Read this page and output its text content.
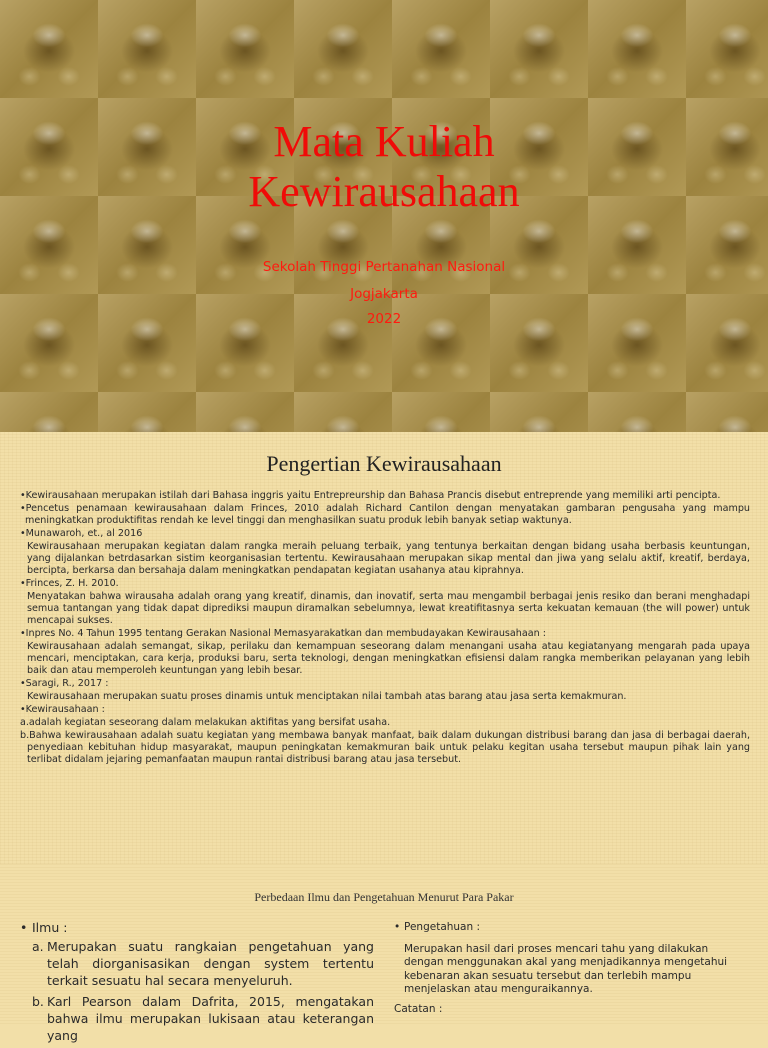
Mata Kuliah
Kewirausahaan
Sekolah Tinggi Pertanahan Nasional
Jogjakarta
2022
Pengertian Kewirausahaan

•Kewirausahaan merupakan istilah dari Bahasa inggris yaitu Entrepreurship dan Bahasa Prancis disebut entreprende yang memiliki arti pencipta.

•Pencetus penamaan kewirausahaan dalam Frinces, 2010 adalah Richard Cantilon dengan menyatakan gambaran pengusaha yang mampu meningkatkan produktifitas rendah ke level tinggi dan menghasilkan suatu produk lebih banyak setiap waktunya.

•Munawaroh, et., al 2016

Kewirausahaan merupakan kegiatan dalam rangka meraih peluang terbaik, yang tentunya berkaitan dengan bidang usaha berbasis keuntungan, yang dijalankan betrdasarkan sistim keorganisasian tertentu. Kewirausahaan merupakan sikap mental dan jiwa yang selalu aktif, kreatif, berdaya, bercipta, berkarsa dan bersahaja dalam meningkatkan pendapatan kegiatan usahanya atau kiprahnya.

•Frinces, Z. H. 2010.

Menyatakan bahwa wirausaha adalah orang yang kreatif, dinamis, dan inovatif, serta mau mengambil berbagai jenis resiko dan berani menghadapi semua tantangan yang tidak dapat diprediksi maupun diramalkan sebelumnya, lewat kreatifitasnya serta kekuatan kemauan (the will power) untuk mencapai sukses.

•Inpres No. 4 Tahun 1995 tentang Gerakan Nasional Memasyarakatkan dan membudayakan Kewirausahaan :

Kewirausahaan adalah semangat, sikap, perilaku dan kemampuan seseorang dalam menangani usaha atau kegiatanyang mengarah pada upaya mencari, menciptakan, cara kerja, produksi baru, serta teknologi, dengan meningkatkan efisiensi dalam rangka memberikan pelayanan yang lebih baik dan atau memperoleh keuntungan yang lebih besar.

•Saragi, R., 2017 :

Kewirausahaan merupakan suatu proses dinamis untuk menciptakan nilai tambah atas barang atau jasa serta kemakmuran.

•Kewirausahaan :

a.adalah kegiatan seseorang dalam melakukan aktifitas yang bersifat usaha.

b.Bahwa kewirausahaan adalah suatu kegiatan yang membawa banyak manfaat, baik dalam dukungan distribusi barang dan jasa di berbagai daerah, penyediaan kebituhan hidup masyarakat, maupun peningkatan kemakmuran baik untuk pelaku kegitan usaha tersebut maupun pihak lain yang terlibat didalam jejaring pemanfaatan maupun rantai distribusi barang atau jasa tersebut.

Perbedaan Ilmu dan Pengetahuan Menurut Para Pakar
• Ilmu :
a. Merupakan suatu rangkaian pengetahuan yang telah diorganisasikan dengan system tertentu terkait sesuatu hal secara menyeluruh.
b. Karl Pearson dalam Dafrita, 2015, mengatakan bahwa ilmu merupakan lukisaan atau keterangan yang
• Pengetahuan :
Merupakan hasil dari proses mencari tahu yang dilakukan dengan menggunakan akal yang menjadikannya mengetahui kebenaran akan sesuatu tersebut dan terlebih mampu menjelaskan atau menguraikannya.
Catatan :
